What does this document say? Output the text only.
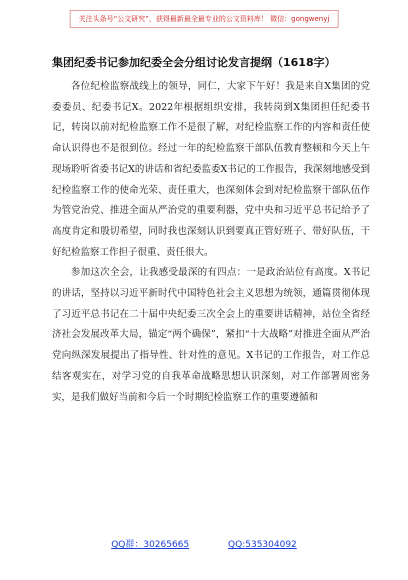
关注头条号“公文研究”，获得最新最全最专业的公文资料库！ 微信：gongwenyj
集团纪委书记参加纪委全会分组讨论发言提纲（1618字）

各位纪检监察战线上的领导，同仁，大家下午好！我是来自X集团的党委委员、纪委书记X。2022年根据组织安排，我转岗到X集团担任纪委书记，转岗以前对纪检监察工作不是很了解，对纪检监察工作的内容和责任使命认识得也不是很到位。经过一年的纪检监察干部队伍教育整顿和今天上午现场聆听省委书记X的讲话和省纪委监委X书记的工作报告，我深刻地感受到纪检监察工作的使命光荣、责任重大，也深刻体会到对纪检监察干部队伍作为管党治党、推进全面从严治党的重要利器，党中央和习近平总书记给予了高度肯定和殷切希望，同时我也深刻认识到要真正管好班子、带好队伍，干好纪检监察工作担子很重、责任很大。

参加这次全会，让我感受最深的有四点：一是政治站位有高度。X书记的讲话，坚持以习近平新时代中国特色社会主义思想为统领，通篇贯彻体现了习近平总书记在二十届中央纪委三次全会上的重要讲话精神，站位全省经济社会发展改革大局，锚定“两个确保”，紧扣“十大战略”对推进全面从严治党向纵深发展提出了指导性、针对性的意见。X书记的工作报告，对工作总结客观实在，对学习党的自我革命战略思想认识深刻，对工作部署周密务实，是我们做好当前和今后一个时期纪检监察工作的重要遵循和

QQ群：30265665	QQ:535304092
